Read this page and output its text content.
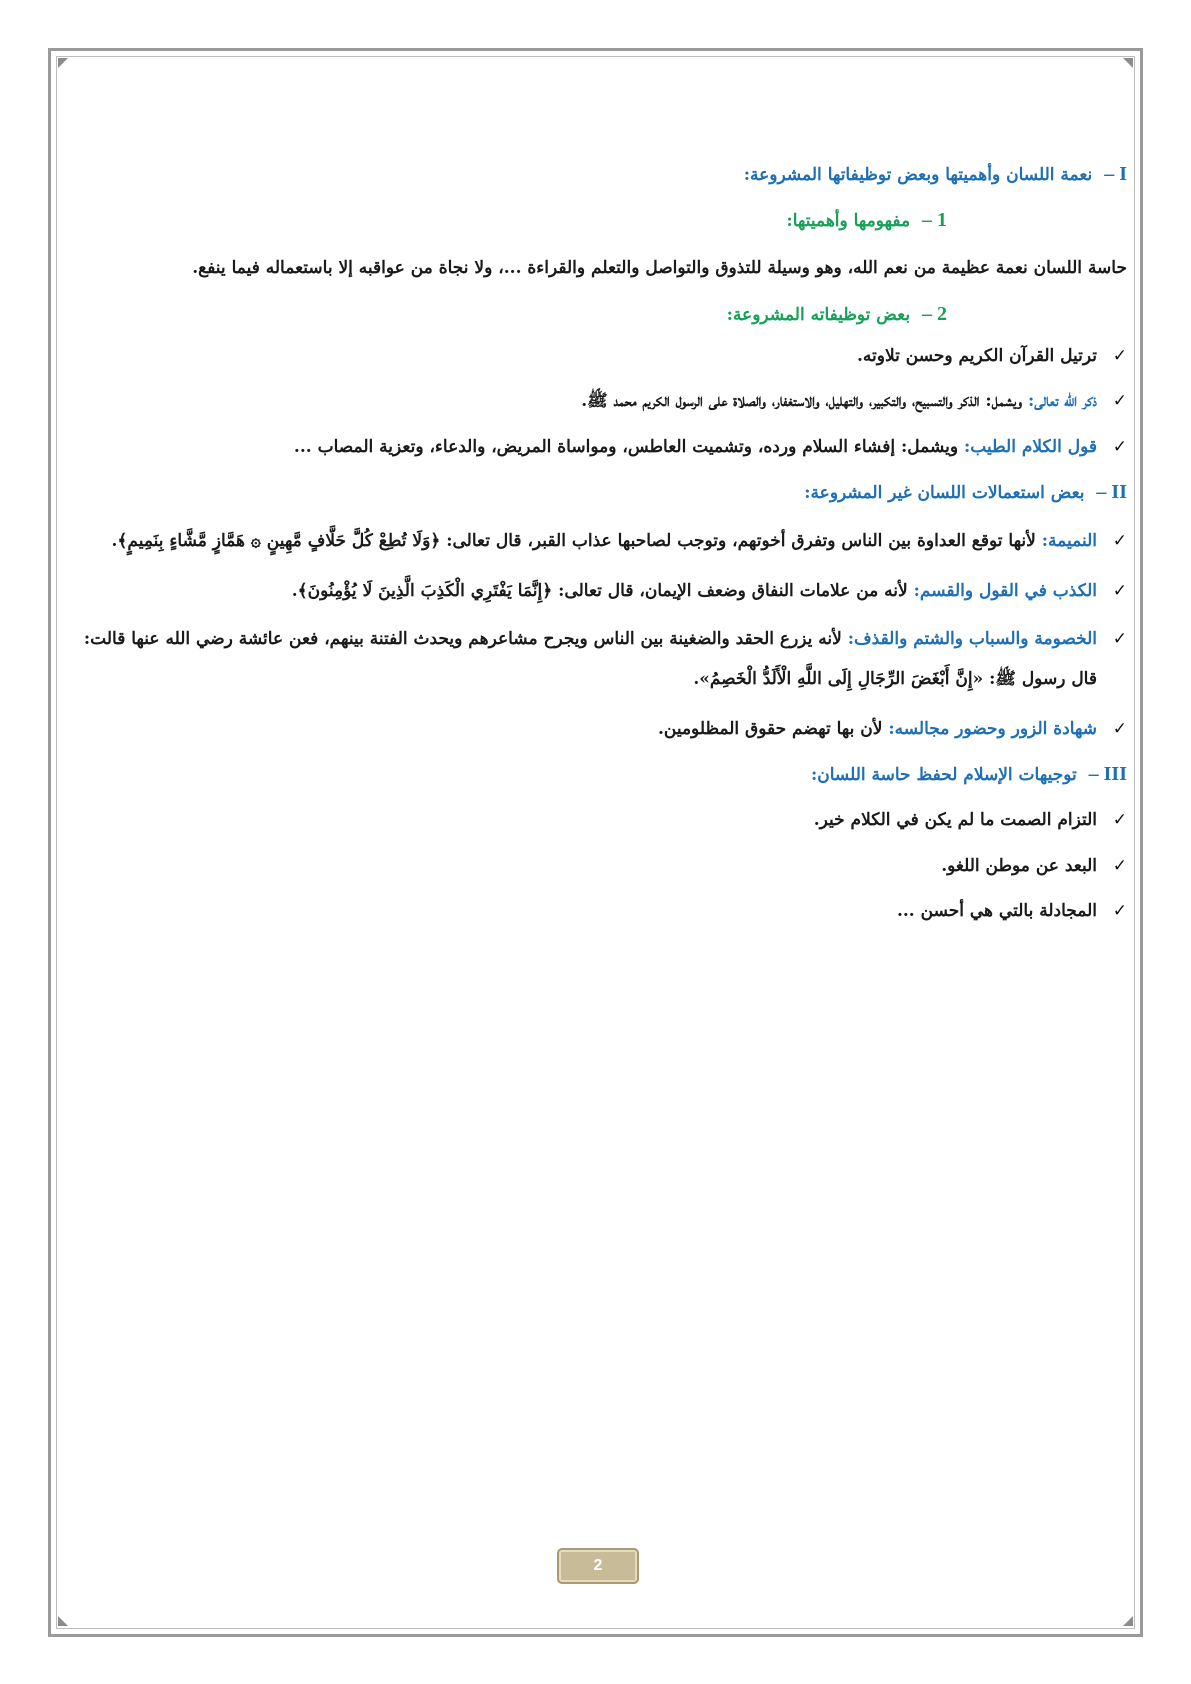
I – نعمة اللسان وأهميتها وبعض توظيفاتها المشروعة:
1 – مفهومها وأهميتها:

حاسة اللسان نعمة عظيمة من نعم الله، وهو وسيلة للتذوق والتواصل والتعلم والقراءة ...، ولا نجاة من عواقبه إلا باستعماله فيما ينفع.

2 – بعض توظيفاته المشروعة:
✓
ترتيل القرآن الكريم وحسن تلاوته.
✓
ذكر الله تعالى: ويشمل: الذكر والتسبيح، والتكبير، والتهليل، والاستغفار، والصلاة على الرسول الكريم محمد ﷺ.
✓
قول الكلام الطيب: ويشمل: إفشاء السلام ورده، وتشميت العاطس، ومواساة المريض، والدعاء، وتعزية المصاب ...
II – بعض استعمالات اللسان غير المشروعة:
✓
النميمة: لأنها توقع العداوة بين الناس وتفرق أخوتهم، وتوجب لصاحبها عذاب القبر، قال تعالى: ﴿وَلَا تُطِعْ كُلَّ حَلَّافٍ مَّهِينٍ ۞ هَمَّازٍ مَّشَّاءٍ بِنَمِيمٍ﴾.
✓
الكذب في القول والقسم: لأنه من علامات النفاق وضعف الإيمان، قال تعالى: ﴿إِنَّمَا يَفْتَرِي الْكَذِبَ الَّذِينَ لَا يُؤْمِنُونَ﴾.
✓
الخصومة والسباب والشتم والقذف: لأنه يزرع الحقد والضغينة بين الناس ويجرح مشاعرهم ويحدث الفتنة بينهم، فعن عائشة رضي الله عنها قالت: قال رسول ﷺ: «إِنَّ أَبْغَضَ الرِّجَالِ إِلَى اللَّهِ الْأَلَدُّ الْخَصِمُ».
✓
شهادة الزور وحضور مجالسه: لأن بها تهضم حقوق المظلومين.
III – توجيهات الإسلام لحفظ حاسة اللسان:
✓
التزام الصمت ما لم يكن في الكلام خير.
✓
البعد عن موطن اللغو.
✓
المجادلة بالتي هي أحسن ...
2
